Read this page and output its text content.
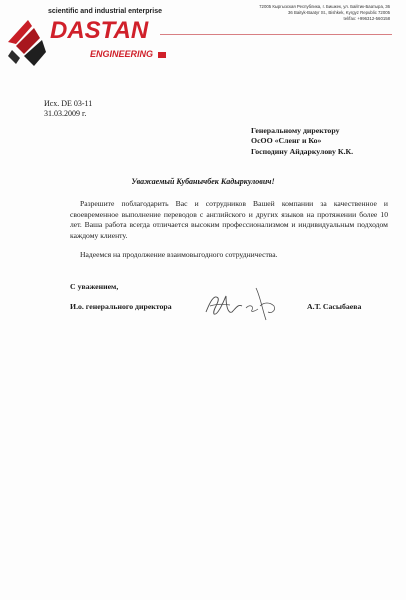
scientific and industrial enterprise
DASTAN
ENGINEERING
72005 Кыргызская Республика, г. Бишкек, ул. Байтик-Баатыра, 36
36 Baityk-Baatyr St., Bishkek, Kyrgyz Republic 72005
tel/fax: +996312-560158
Исх. DE 03-11
31.03.2009 г.
Генеральному директору
ОсОО «Сленг и Ко»
Господину Айдаркулову К.К.
Уважаемый Кубанычбек Кадыркулович!
Разрешите поблагодарить Вас и сотрудников Вашей компании за качественное и своевременное выполнение переводов с английского и других языков на протяжении более 10 лет. Ваша работа всегда отличается высоким профессионализмом и индивидуальным подходом каждому клиенту.
Надеемся на продолжение взаимовыгодного сотрудничества.
С уважением,
И.о. генерального директора	А.Т. Сасыбаева
